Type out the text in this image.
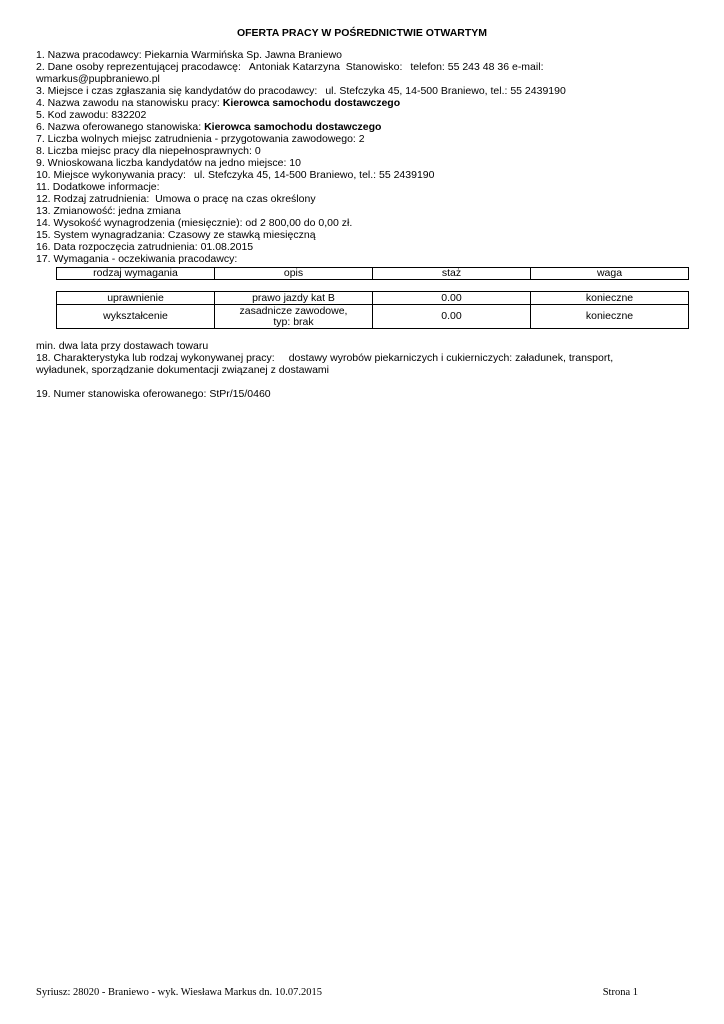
OFERTA PRACY W POŚREDNICTWIE OTWARTYM
1. Nazwa pracodawcy: Piekarnia Warmińska Sp. Jawna Braniewo
2. Dane osoby reprezentującej pracodawcę: Antoniak Katarzyna  Stanowisko: telefon: 55 243 48 36 e-mail:
wmarkus@pupbraniewo.pl
3. Miejsce i czas zgłaszania się kandydatów do pracodawcy: ul. Stefczyka 45, 14-500 Braniewo, tel.: 55 2439190
4. Nazwa zawodu na stanowisku pracy: Kierowca samochodu dostawczego
5. Kod zawodu: 832202
6. Nazwa oferowanego stanowiska: Kierowca samochodu dostawczego
7. Liczba wolnych miejsc zatrudnienia - przygotowania zawodowego: 2
8. Liczba miejsc pracy dla niepełnosprawnych: 0
9. Wnioskowana liczba kandydatów na jedno miejsce: 10
10. Miejsce wykonywania pracy: ul. Stefczyka 45, 14-500 Braniewo, tel.: 55 2439190
11. Dodatkowe informacje:
12. Rodzaj zatrudnienia:  Umowa o pracę na czas określony
13. Zmianowość: jedna zmiana
14. Wysokość wynagrodzenia (miesięcznie): od 2 800,00 do 0,00 zł.
15. System wynagradzania: Czasowy ze stawką miesięczną
16. Data rozpoczęcia zatrudnienia: 01.08.2015
17. Wymagania - oczekiwania pracodawcy:
rodzaj wymagania	opis	staż	waga
uprawnienie	prawo jazdy kat B	0.00	konieczne
wykształcenie	zasadnicze zawodowe, typ: brak	0.00	konieczne
min. dwa lata przy dostawach towaru
18. Charakterystyka lub rodzaj wykonywanej pracy: dostawy wyrobów piekarniczych i cukierniczych: załadunek, transport,
wyładunek, sporządzanie dokumentacji związanej z dostawami
19. Numer stanowiska oferowanego: StPr/15/0460
Syriusz: 28020 - Braniewo - wyk. Wiesława Markus dn. 10.07.2015	Strona 1
